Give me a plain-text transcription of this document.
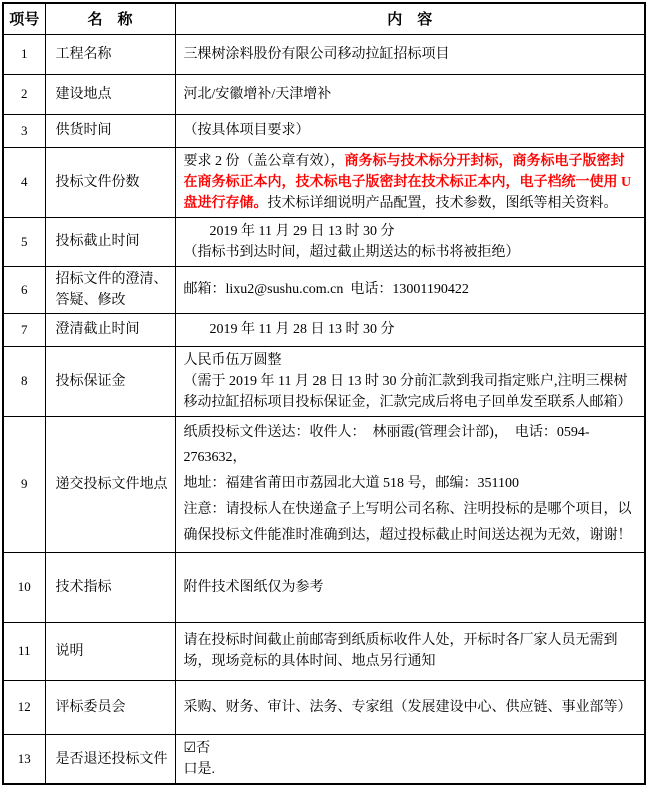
项号	名　称	内　容
1	工程名称	三棵树涂料股份有限公司移动拉缸招标项目

2	建设地点	河北/安徽增补/天津增补

3	供货时间	（按具体项目要求）

4	投标文件份数	要求 2 份（盖公章有效），商务标与技术标分开封标，商务标电子版密封在商务标正本内，技术标电子版密封在技术标正本内，电子档统一使用 U 盘进行存储。技术标详细说明产品配置，技术参数，图纸等相关资料。

5	投标截止时间	2019 年 11 月 29 日 13 时 30 分
（指标书到达时间，超过截止期送达的标书将被拒绝）

6	招标文件的澄清、答疑、修改	邮箱：lixu2@sushu.com.cn  电话：13001190422

7	澄清截止时间	2019 年 11 月 28 日 13 时 30 分

8	投标保证金	人民币伍万圆整
（需于 2019 年 11 月 28 日 13 时 30 分前汇款到我司指定账户,注明三棵树移动拉缸招标项目投标保证金，汇款完成后将电子回单发至联系人邮箱）

9	递交投标文件地点	纸质投标文件送达：收件人：  林丽霞(管理会计部)，  电话：0594-2763632，
地址：福建省莆田市荔园北大道 518 号，邮编：351100
注意：请投标人在快递盒子上写明公司名称、注明投标的是哪个项目，以确保投标文件能准时准确到达，超过投标截止时间送达视为无效，谢谢！

10	技术指标	附件技术图纸仅为参考

11	说明	请在投标时间截止前邮寄到纸质标收件人处，开标时各厂家人员无需到场，现场竞标的具体时间、地点另行通知

12	评标委员会	采购、财务、审计、法务、专家组（发展建设中心、供应链、事业部等）

13	是否退还投标文件	☑否
口是.
